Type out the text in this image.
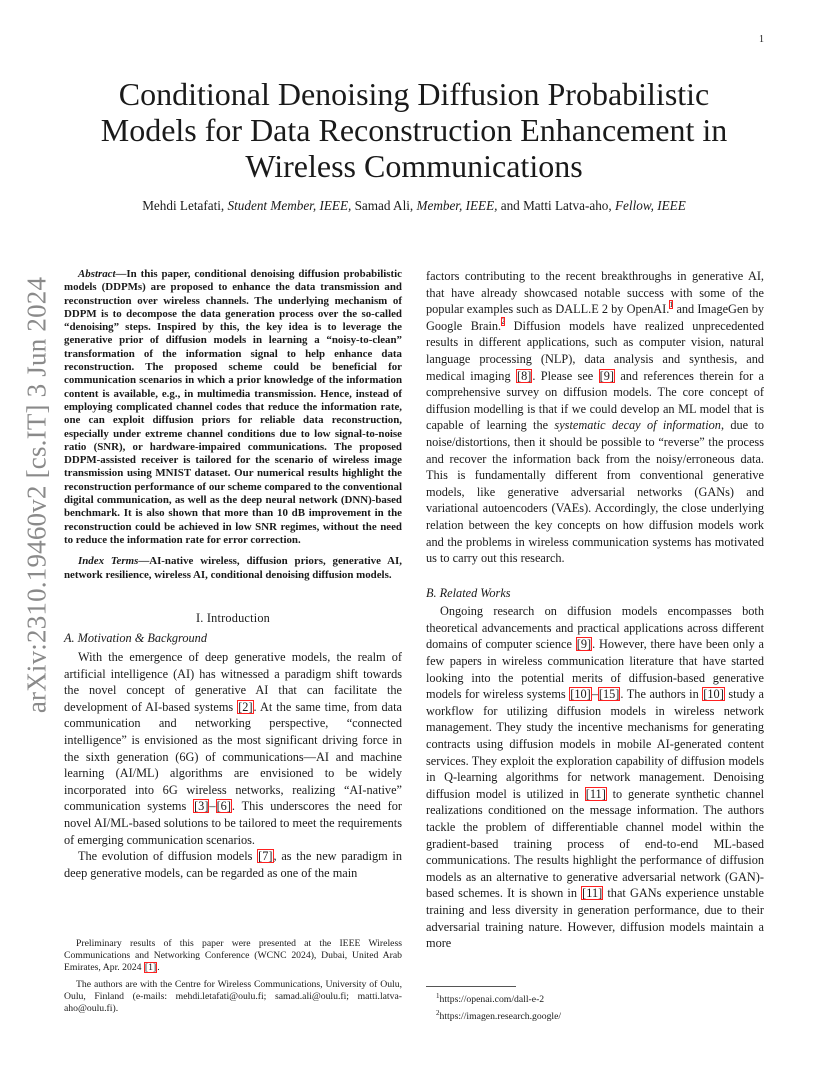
1
arXiv:2310.19460v2 [cs.IT] 3 Jun 2024
Conditional Denoising Diffusion Probabilistic
Models for Data Reconstruction Enhancement in
Wireless Communications
Mehdi Letafati, Student Member, IEEE, Samad Ali, Member, IEEE, and Matti Latva-aho, Fellow, IEEE

Abstract—In this paper, conditional denoising diffusion probabilistic models (DDPMs) are proposed to enhance the data transmission and reconstruction over wireless channels. The underlying mechanism of DDPM is to decompose the data generation process over the so-called “denoising” steps. Inspired by this, the key idea is to leverage the generative prior of diffusion models in learning a “noisy-to-clean” transformation of the information signal to help enhance data reconstruction. The proposed scheme could be beneficial for communication scenarios in which a prior knowledge of the information content is available, e.g., in multimedia transmission. Hence, instead of employing complicated channel codes that reduce the information rate, one can exploit diffusion priors for reliable data reconstruction, especially under extreme channel conditions due to low signal-to-noise ratio (SNR), or hardware-impaired communications. The proposed DDPM-assisted receiver is tailored for the scenario of wireless image transmission using MNIST dataset. Our numerical results highlight the reconstruction performance of our scheme compared to the conventional digital communication, as well as the deep neural network (DNN)-based benchmark. It is also shown that more than 10 dB improvement in the reconstruction could be achieved in low SNR regimes, without the need to reduce the information rate for error correction.

Index Terms—AI-native wireless, diffusion priors, generative AI, network resilience, wireless AI, conditional denoising diffusion models.

I. Introduction
A. Motivation & Background

With the emergence of deep generative models, the realm of artificial intelligence (AI) has witnessed a paradigm shift towards the novel concept of generative AI that can facilitate the development of AI-based systems [2]. At the same time, from data communication and networking perspective, “connected intelligence” is envisioned as the most significant driving force in the sixth generation (6G) of communications—AI and machine learning (AI/ML) algorithms are envisioned to be widely incorporated into 6G wireless networks, realizing “AI-native” communication systems [3]–[6]. This underscores the need for novel AI/ML-based solutions to be tailored to meet the requirements of emerging communication scenarios.

The evolution of diffusion models [7], as the new paradigm in deep generative models, can be regarded as one of the main

Preliminary results of this paper were presented at the IEEE Wireless Communications and Networking Conference (WCNC 2024), Dubai, United Arab Emirates, Apr. 2024 [1].

The authors are with the Centre for Wireless Communications, University of Oulu, Oulu, Finland (e-mails: mehdi.letafati@oulu.fi; samad.ali@oulu.fi; matti.latva-aho@oulu.fi).

factors contributing to the recent breakthroughs in generative AI, that have already showcased notable success with some of the popular examples such as DALL.E 2 by OpenAI.$^1$ and ImageGen by Google Brain.$^2$ Diffusion models have realized unprecedented results in different applications, such as computer vision, natural language processing (NLP), data analysis and synthesis, and medical imaging [8]. Please see [9] and references therein for a comprehensive survey on diffusion models. The core concept of diffusion modelling is that if we could develop an ML model that is capable of learning the systematic decay of information, due to noise/distortions, then it should be possible to “reverse” the process and recover the information back from the noisy/erroneous data. This is fundamentally different from conventional generative models, like generative adversarial networks (GANs) and variational autoencoders (VAEs). Accordingly, the close underlying relation between the key concepts on how diffusion models work and the problems in wireless communication systems has motivated us to carry out this research.

B. Related Works

Ongoing research on diffusion models encompasses both theoretical advancements and practical applications across different domains of computer science [9]. However, there have been only a few papers in wireless communication literature that have started looking into the potential merits of diffusion-based generative models for wireless systems [10]–[15]. The authors in [10] study a workflow for utilizing diffusion models in wireless network management. They study the incentive mechanisms for generating contracts using diffusion models in mobile AI-generated content services. They exploit the exploration capability of diffusion models in Q-learning algorithms for network management. Denoising diffusion model is utilized in [11] to generate synthetic channel realizations conditioned on the message information. The authors tackle the problem of differentiable channel model within the gradient-based training process of end-to-end ML-based communications. The results highlight the performance of diffusion models as an alternative to generative adversarial network (GAN)-based schemes. It is shown in [11] that GANs experience unstable training and less diversity in generation performance, due to their adversarial training nature. However, diffusion models maintain a more

$^1$https://openai.com/dall-e-2

$^2$https://imagen.research.google/
